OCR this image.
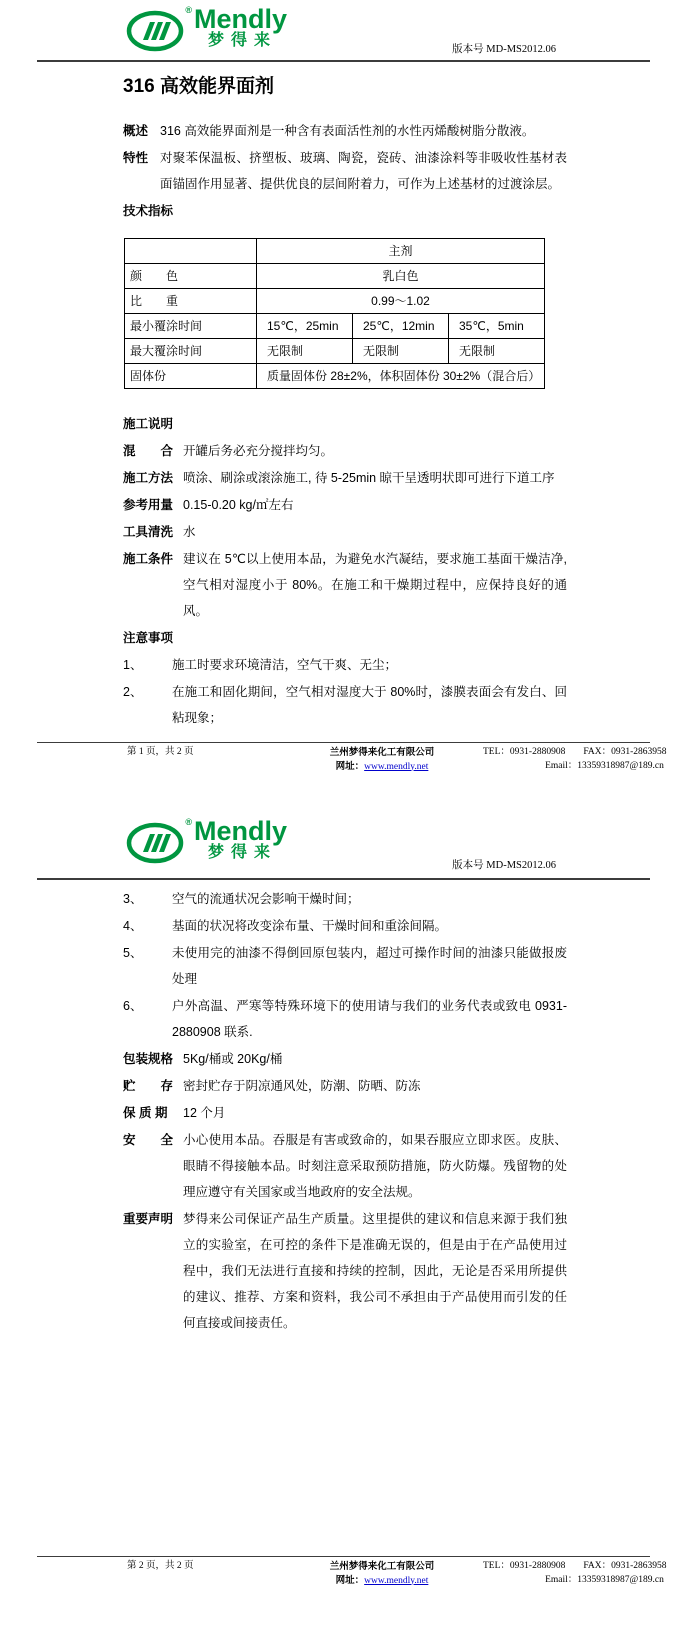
® Mendly
梦得来
版本号 MD-MS2012.06
316 高效能界面剂
概述 316 高效能界面剂是一种含有表面活性剂的水性丙烯酸树脂分散液。
特性 对聚苯保温板、挤塑板、玻璃、陶瓷，瓷砖、油漆涂料等非吸收性基材表面锚固作用显著、提供优良的层间附着力，可作为上述基材的过渡涂层。
技术指标
	主剂		
颜　　色	乳白色		
比　　重	0.99～1.02		
最小覆涂时间	15℃，25min	25℃，12min	35℃，5min
最大覆涂时间	无限制	无限制	无限制
固体份	质量固体份 28±2%，体积固体份 30±2%（混合后）		
施工说明
混　　合 开罐后务必充分搅拌均匀。
施工方法 喷涂、刷涂或滚涂施工, 待 5-25min 晾干呈透明状即可进行下道工序
参考用量 0.15-0.20 kg/㎡左右
工具清洗 水
施工条件 建议在 5℃以上使用本品，为避免水汽凝结，要求施工基面干燥洁净, 空气相对湿度小于 80%。在施工和干燥期过程中，应保持良好的通风。
注意事项
1、	施工时要求环境清洁，空气干爽、无尘；
2、	在施工和固化期间，空气相对湿度大于 80%时，漆膜表面会有发白、回粘现象；
第 1 页，共 2 页	兰州梦得来化工有限公司	TEL：0931-2880908 FAX：0931-2863958
网址：www.mendly.net	Email：13359318987@189.cn
® Mendly
梦得来
版本号 MD-MS2012.06
3、	空气的流通状况会影响干燥时间；
4、	基面的状况将改变涂布量、干燥时间和重涂间隔。
5、	未使用完的油漆不得倒回原包装内，超过可操作时间的油漆只能做报废处理
6、	户外高温、严寒等特殊环境下的使用请与我们的业务代表或致电 0931-2880908 联系.
包装规格 5Kg/桶或 20Kg/桶
贮　　存 密封贮存于阴凉通风处，防潮、防晒、防冻
保 质 期	12 个月
安　　全 小心使用本品。吞服是有害或致命的，如果吞服应立即求医。皮肤、眼睛不得接触本品。时刻注意采取预防措施，防火防爆。残留物的处理应遵守有关国家或当地政府的安全法规。
重要声明 梦得来公司保证产品生产质量。这里提供的建议和信息来源于我们独立的实验室，在可控的条件下是准确无误的，但是由于在产品使用过程中，我们无法进行直接和持续的控制，因此，无论是否采用所提供的建议、推荐、方案和资料，我公司不承担由于产品使用而引发的任何直接或间接责任。
第 2 页，共 2 页	兰州梦得来化工有限公司	TEL：0931-2880908 FAX：0931-2863958
网址：www.mendly.net	Email：13359318987@189.cn
